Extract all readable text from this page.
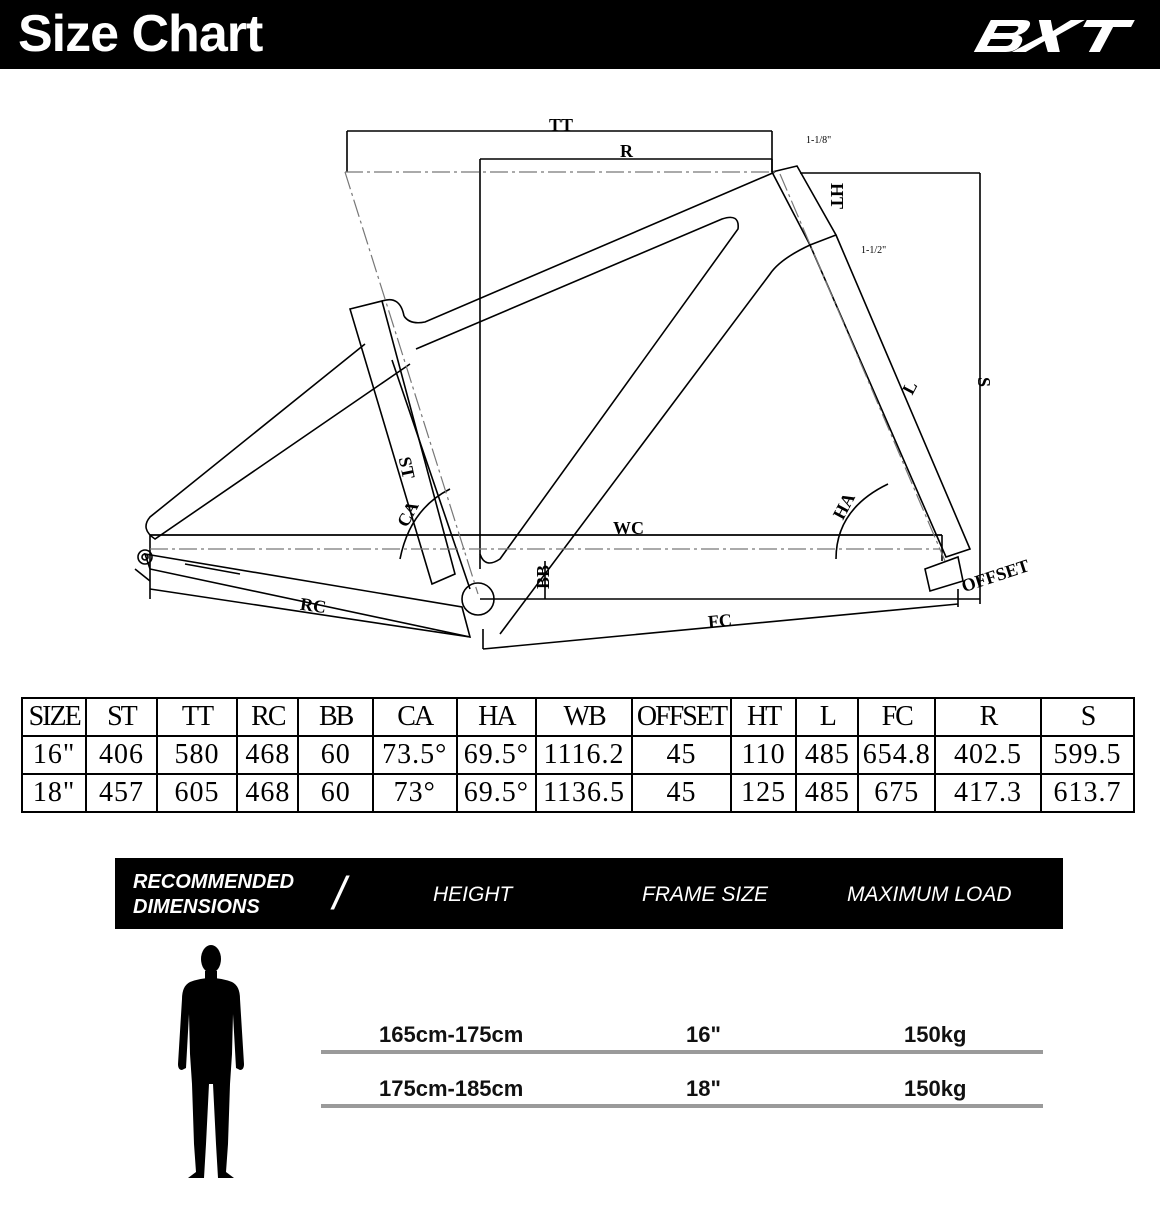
Size Chart
TT
R
1-1/8"
HT
1-1/2"
L	S
ST
CA	HA
WC
BB	OFFSET
RC
FC
SIZE	ST	TT	RC	BB	CA	HA	WB	OFFSET	HT	L	FC	R	S
16"	406	580	468	60	73.5°	69.5°	1116.2	45	110	485	654.8	402.5	599.5
18"	457	605	468	60	73°	69.5°	1136.5	45	125	485	675	417.3	613.7
RECOMMENDED
DIMENSIONS	/	HEIGHT	FRAME SIZE	MAXIMUM LOAD
165cm-175cm	16"	150kg
175cm-185cm	18"	150kg
